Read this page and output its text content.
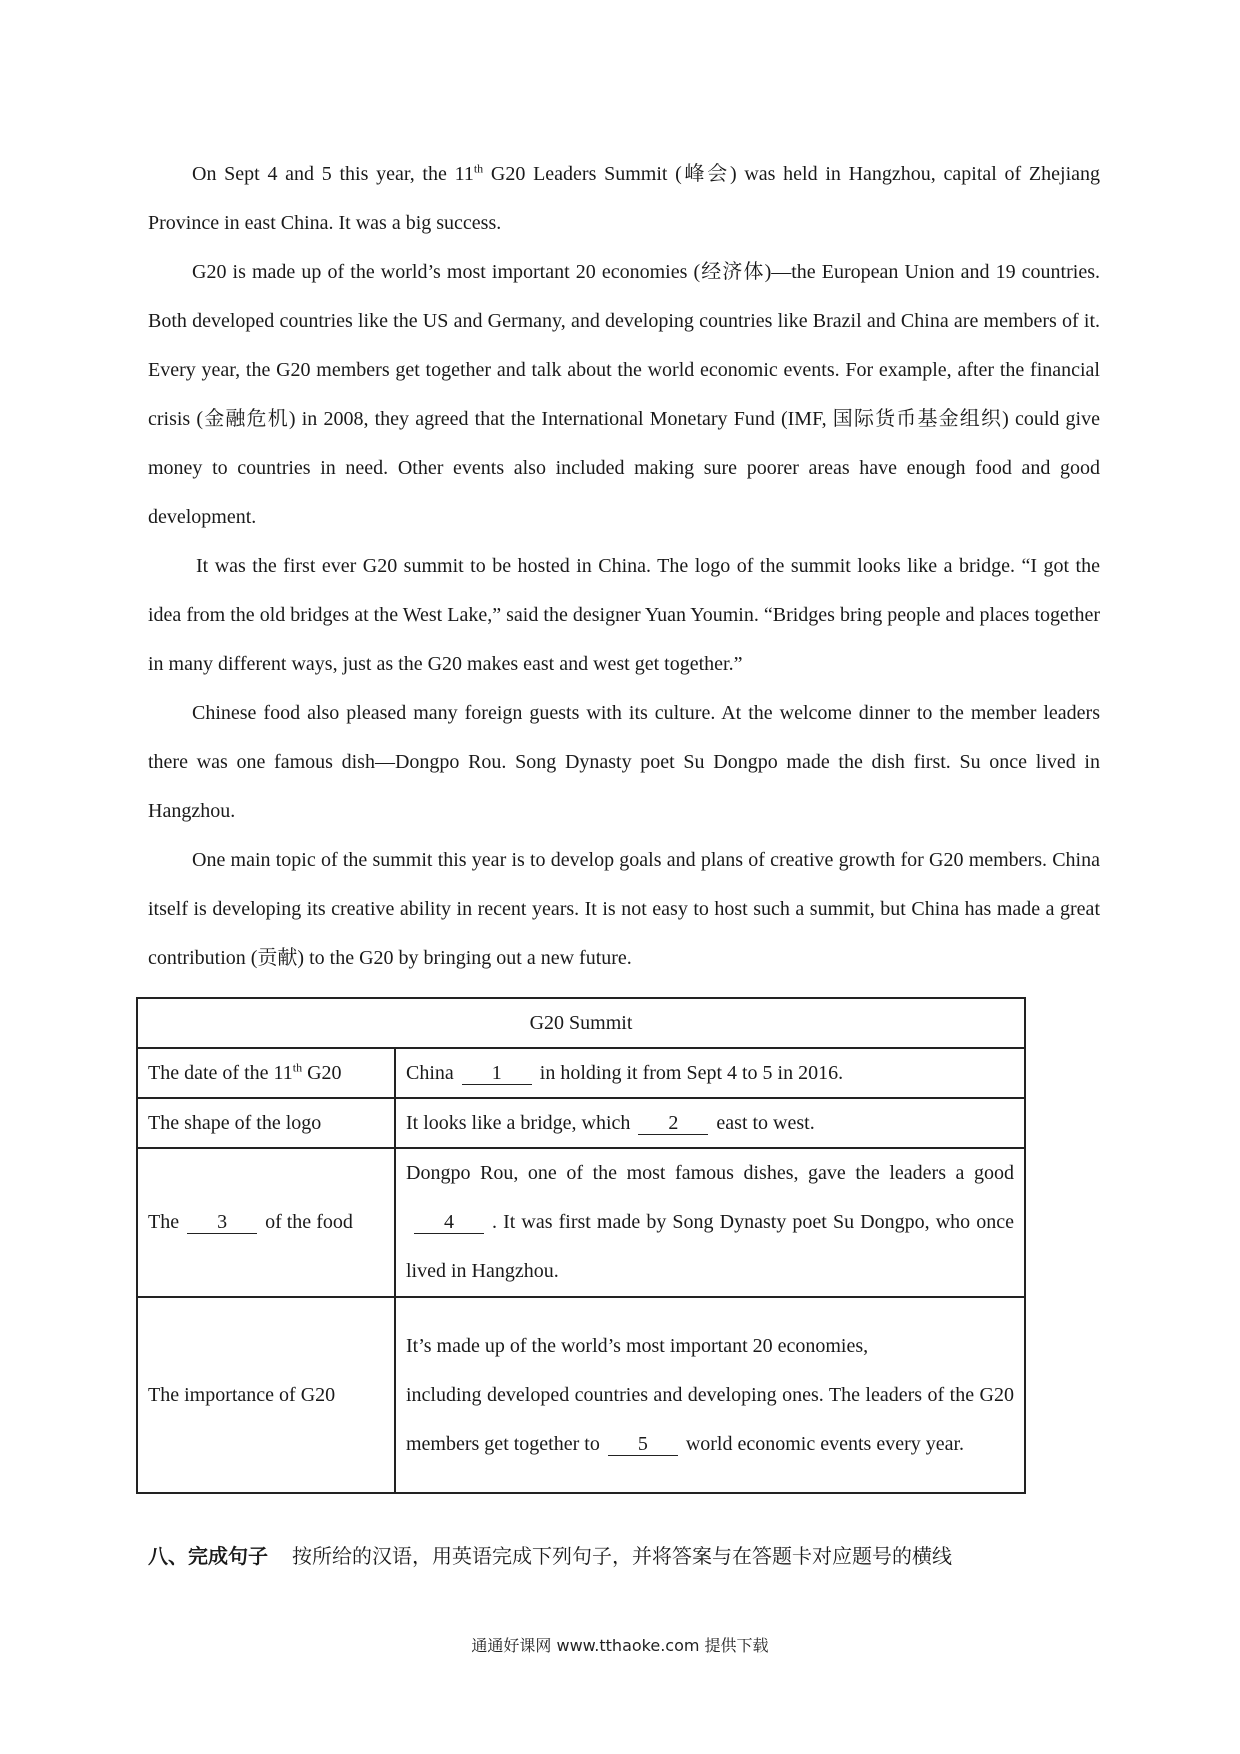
On Sept 4 and 5 this year, the 11th G20 Leaders Summit (峰会) was held in Hangzhou, capital of Zhejiang Province in east China. It was a big success.

G20 is made up of the world’s most important 20 economies (经济体)—the European Union and 19 countries. Both developed countries like the US and Germany, and developing countries like Brazil and China are members of it. Every year, the G20 members get together and talk about the world economic events. For example, after the financial crisis (金融危机) in 2008, they agreed that the International Monetary Fund (IMF, 国际货币基金组织) could give money to countries in need. Other events also included making sure poorer areas have enough food and good development.

It was the first ever G20 summit to be hosted in China. The logo of the summit looks like a bridge. “I got the idea from the old bridges at the West Lake,” said the designer Yuan Youmin. “Bridges bring people and places together in many different ways, just as the G20 makes east and west get together.”

Chinese food also pleased many foreign guests with its culture. At the welcome dinner to the member leaders there was one famous dish—Dongpo Rou. Song Dynasty poet Su Dongpo made the dish first. Su once lived in Hangzhou.

One main topic of the summit this year is to develop goals and plans of creative growth for G20 members. China itself is developing its creative ability in recent years. It is not easy to host such a summit, but China has made a great contribution (贡献) to the G20 by bringing out a new future.

G20 Summit	
The date of the 11th G20	China 1 in holding it from Sept 4 to 5 in 2016.
The shape of the logo	It looks like a bridge, which 2 east to west.
The 3 of the food	Dongpo Rou, one of the most famous dishes, gave the leaders a good4 . It was first made by Song Dynasty poet Su Dongpo, who once lived in Hangzhou.

The importance of G20	It’s made up of the world’s most important 20 economies,
including developed countries and developing ones. The leaders of the G20 members get together to 5 world economic events every year.

八、完成句子 按所给的汉语，用英语完成下列句子，并将答案与在答题卡对应题号的横线
通通好课网 www.tthaoke.com 提供下载
